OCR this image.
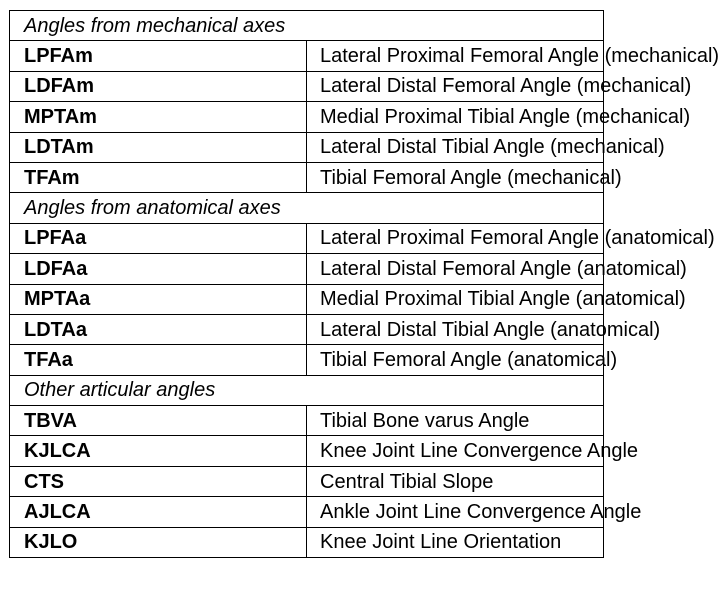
Angles from mechanical axes	
LPFAm	Lateral Proximal Femoral Angle (mechanical)
LDFAm	Lateral Distal Femoral Angle (mechanical)
MPTAm	Medial Proximal Tibial Angle (mechanical)
LDTAm	Lateral Distal Tibial Angle (mechanical)
TFAm	Tibial Femoral Angle (mechanical)
Angles from anatomical axes	
LPFAa	Lateral Proximal Femoral Angle (anatomical)
LDFAa	Lateral Distal Femoral Angle (anatomical)
MPTAa	Medial Proximal Tibial Angle (anatomical)
LDTAa	Lateral Distal Tibial Angle (anatomical)
TFAa	Tibial Femoral Angle (anatomical)
Other articular angles	
TBVA	Tibial Bone varus Angle
KJLCA	Knee Joint Line Convergence Angle
CTS	Central Tibial Slope
AJLCA	Ankle Joint Line Convergence Angle
KJLO	Knee Joint Line Orientation
